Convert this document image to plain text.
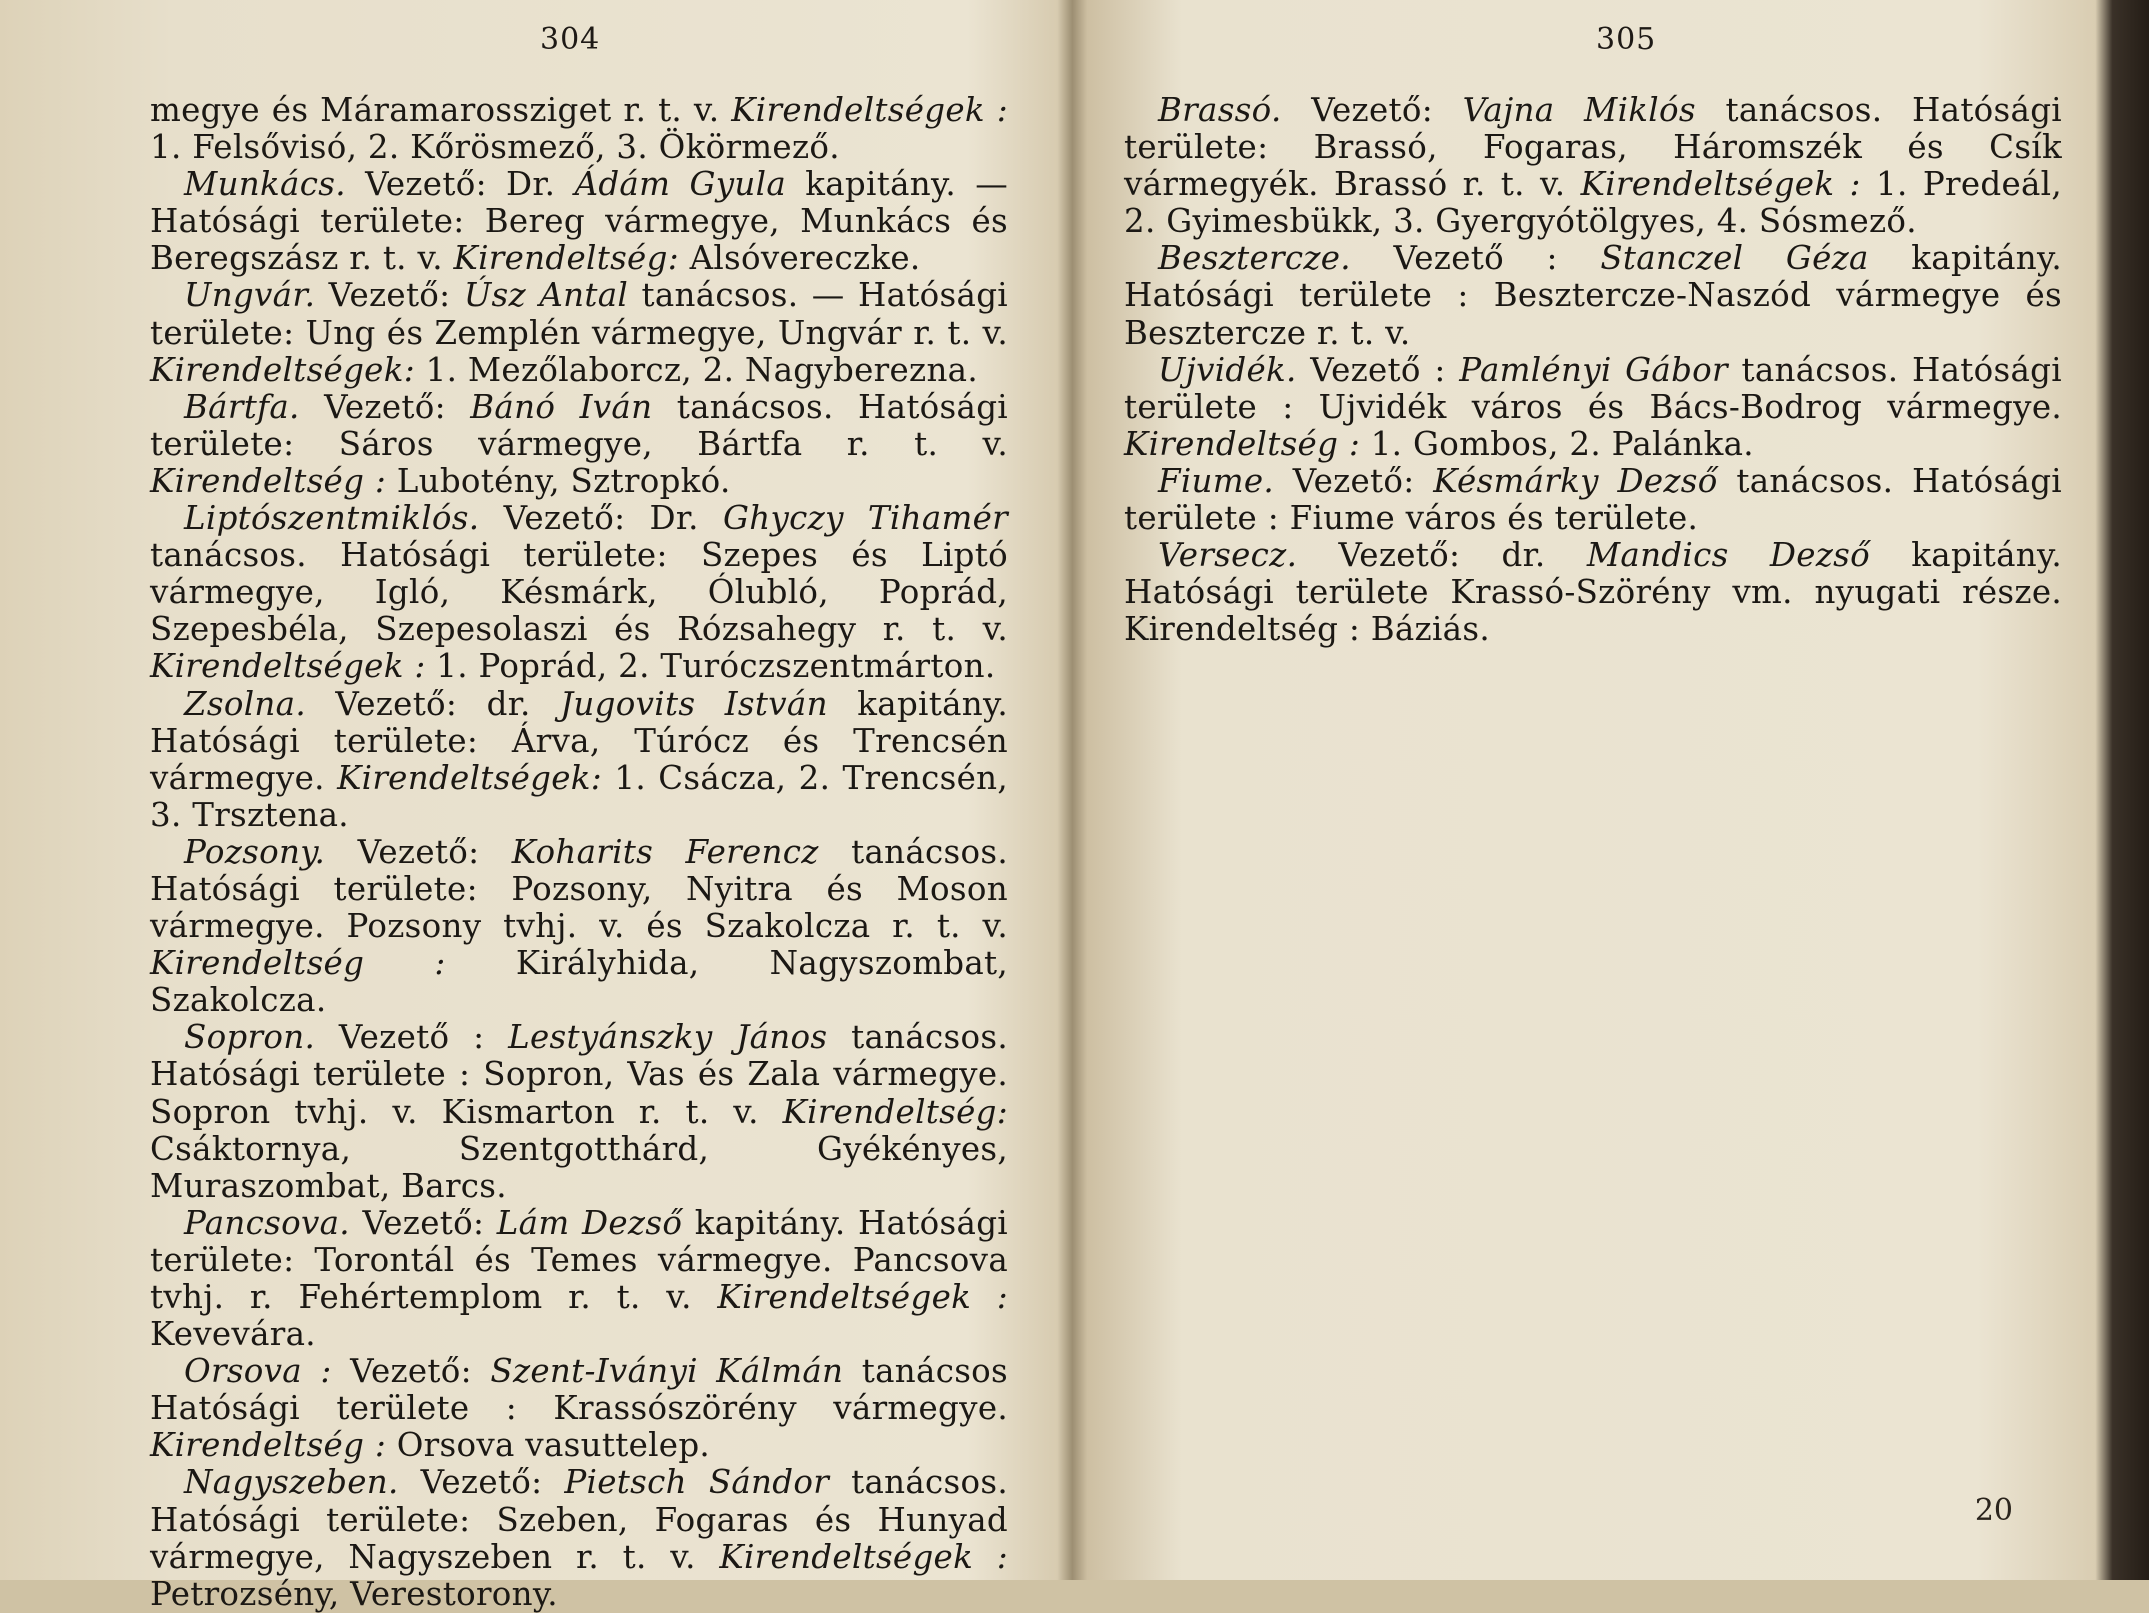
304

megye és Máramarossziget r. t. v. Kirendeltségek : 1. Felsővisó, 2. Kőrösmező, 3. Ökörmező.

Munkács. Vezető: Dr. Ádám Gyula kapitány. — Hatósági területe: Bereg vármegye, Munkács és Beregszász r. t. v. Kirendeltség: Alsóvereczke.

Ungvár. Vezető: Úsz Antal tanácsos. — Hatósági területe: Ung és Zemplén vármegye, Ungvár r. t. v. Kirendeltségek: 1. Mezőlaborcz, 2. Nagyberezna.

Bártfa. Vezető: Bánó Iván tanácsos. Hatósági területe: Sáros vármegye, Bártfa r. t. v. Kirendeltség : Lubotény, Sztropkó.

Liptószentmiklós. Vezető: Dr. Ghyczy Tihamér tanácsos. Hatósági területe: Szepes és Liptó vármegye, Igló, Késmárk, Ólubló, Poprád, Szepesbéla, Szepesolaszi és Rózsahegy r. t. v. Kirendeltségek : 1. Poprád, 2. Turóczszentmárton.

Zsolna. Vezető: dr. Jugovits István kapitány. Hatósági területe: Árva, Túrócz és Trencsén vármegye. Kirendeltségek: 1. Csácza, 2. Trencsén, 3. Trsztena.

Pozsony. Vezető: Koharits Ferencz tanácsos. Hatósági területe: Pozsony, Nyitra és Moson vármegye. Pozsony tvhj. v. és Szakolcza r. t. v. Kirendeltség : Királyhida, Nagyszombat, Szakolcza.

Sopron. Vezető : Lestyánszky János tanácsos. Hatósági területe : Sopron, Vas és Zala vármegye. Sopron tvhj. v. Kismarton r. t. v. Kirendeltség: Csáktornya, Szentgotthárd, Gyékényes, Muraszombat, Barcs.

Pancsova. Vezető: Lám Dezső kapitány. Hatósági területe: Torontál és Temes vármegye. Pancsova tvhj. r. Fehértemplom r. t. v. Kirendeltségek : Kevevára.

Orsova : Vezető: Szent-Iványi Kálmán tanácsos Hatósági területe : Krassószörény vármegye. Kirendeltség : Orsova vasuttelep.

Nagyszeben. Vezető: Pietsch Sándor tanácsos. Hatósági területe: Szeben, Fogaras és Hunyad vármegye, Nagyszeben r. t. v. Kirendeltségek : Petrozsény, Verestorony.

305

Brassó. Vezető: Vajna Miklós tanácsos. Hatósági területe: Brassó, Fogaras, Háromszék és Csík vármegyék. Brassó r. t. v. Kirendeltségek : 1. Predeál, 2. Gyimesbükk, 3. Gyergyótölgyes, 4. Sósmező.

Besztercze. Vezető : Stanczel Géza kapitány. Hatósági területe : Besztercze-Naszód vármegye és Besztercze r. t. v.

Ujvidék. Vezető : Pamlényi Gábor tanácsos. Hatósági területe : Ujvidék város és Bács-Bodrog vármegye. Kirendeltség : 1. Gombos, 2. Palánka.

Fiume. Vezető: Késmárky Dezső tanácsos. Hatósági területe : Fiume város és területe.

Versecz. Vezető: dr. Mandics Dezső kapitány. Hatósági területe Krassó-Szörény vm. nyugati része. Kirendeltség : Báziás.

20
